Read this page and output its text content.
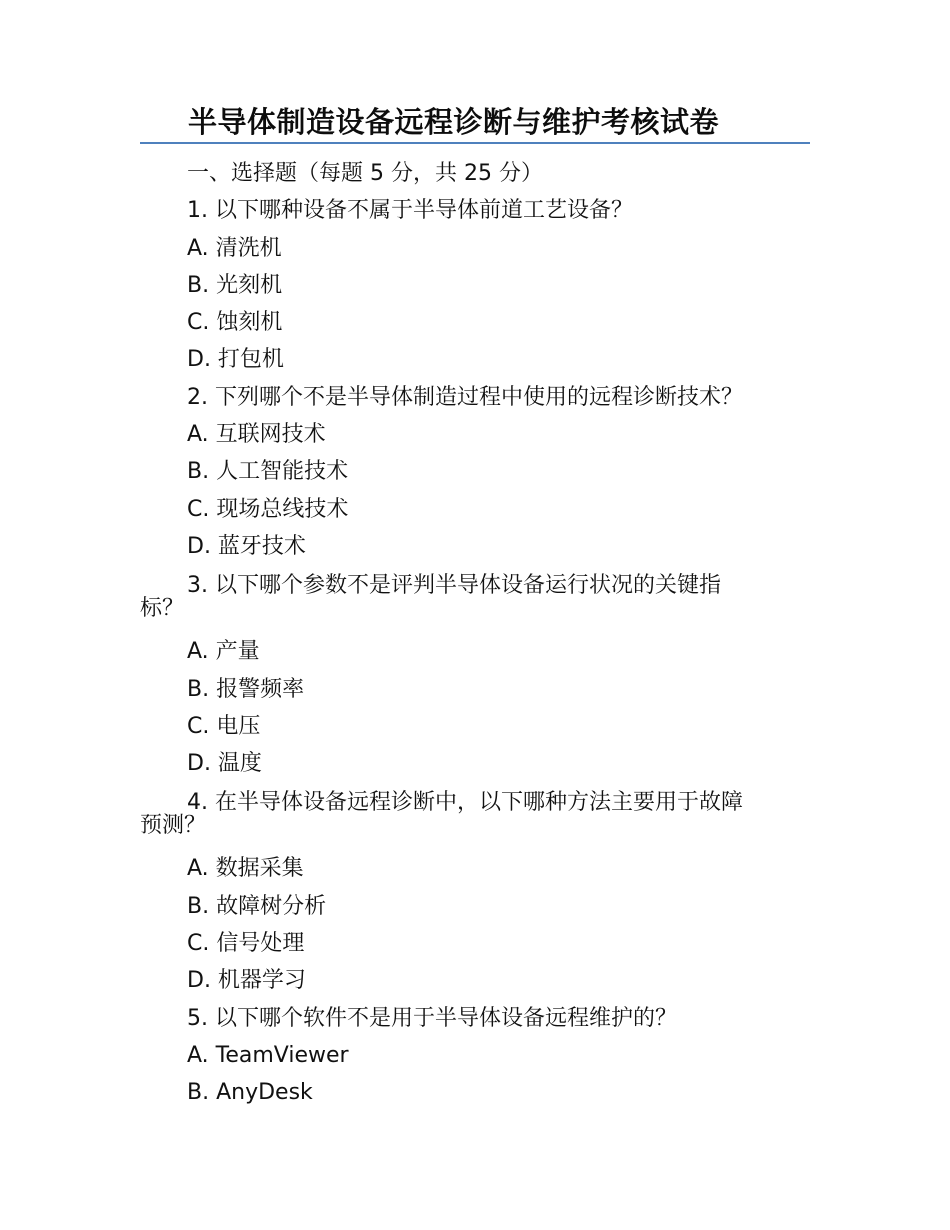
半导体制造设备远程诊断与维护考核试卷
一、选择题（每题 5 分，共 25 分）
1. 以下哪种设备不属于半导体前道工艺设备？
A. 清洗机
B. 光刻机
C. 蚀刻机
D. 打包机
2. 下列哪个不是半导体制造过程中使用的远程诊断技术？
A. 互联网技术
B. 人工智能技术
C. 现场总线技术
D. 蓝牙技术
3. 以下哪个参数不是评判半导体设备运行状况的关键指
标？
A. 产量
B. 报警频率
C. 电压
D. 温度
4. 在半导体设备远程诊断中，以下哪种方法主要用于故障
预测？
A. 数据采集
B. 故障树分析
C. 信号处理
D. 机器学习
5. 以下哪个软件不是用于半导体设备远程维护的？
A. TeamViewer
B. AnyDesk
